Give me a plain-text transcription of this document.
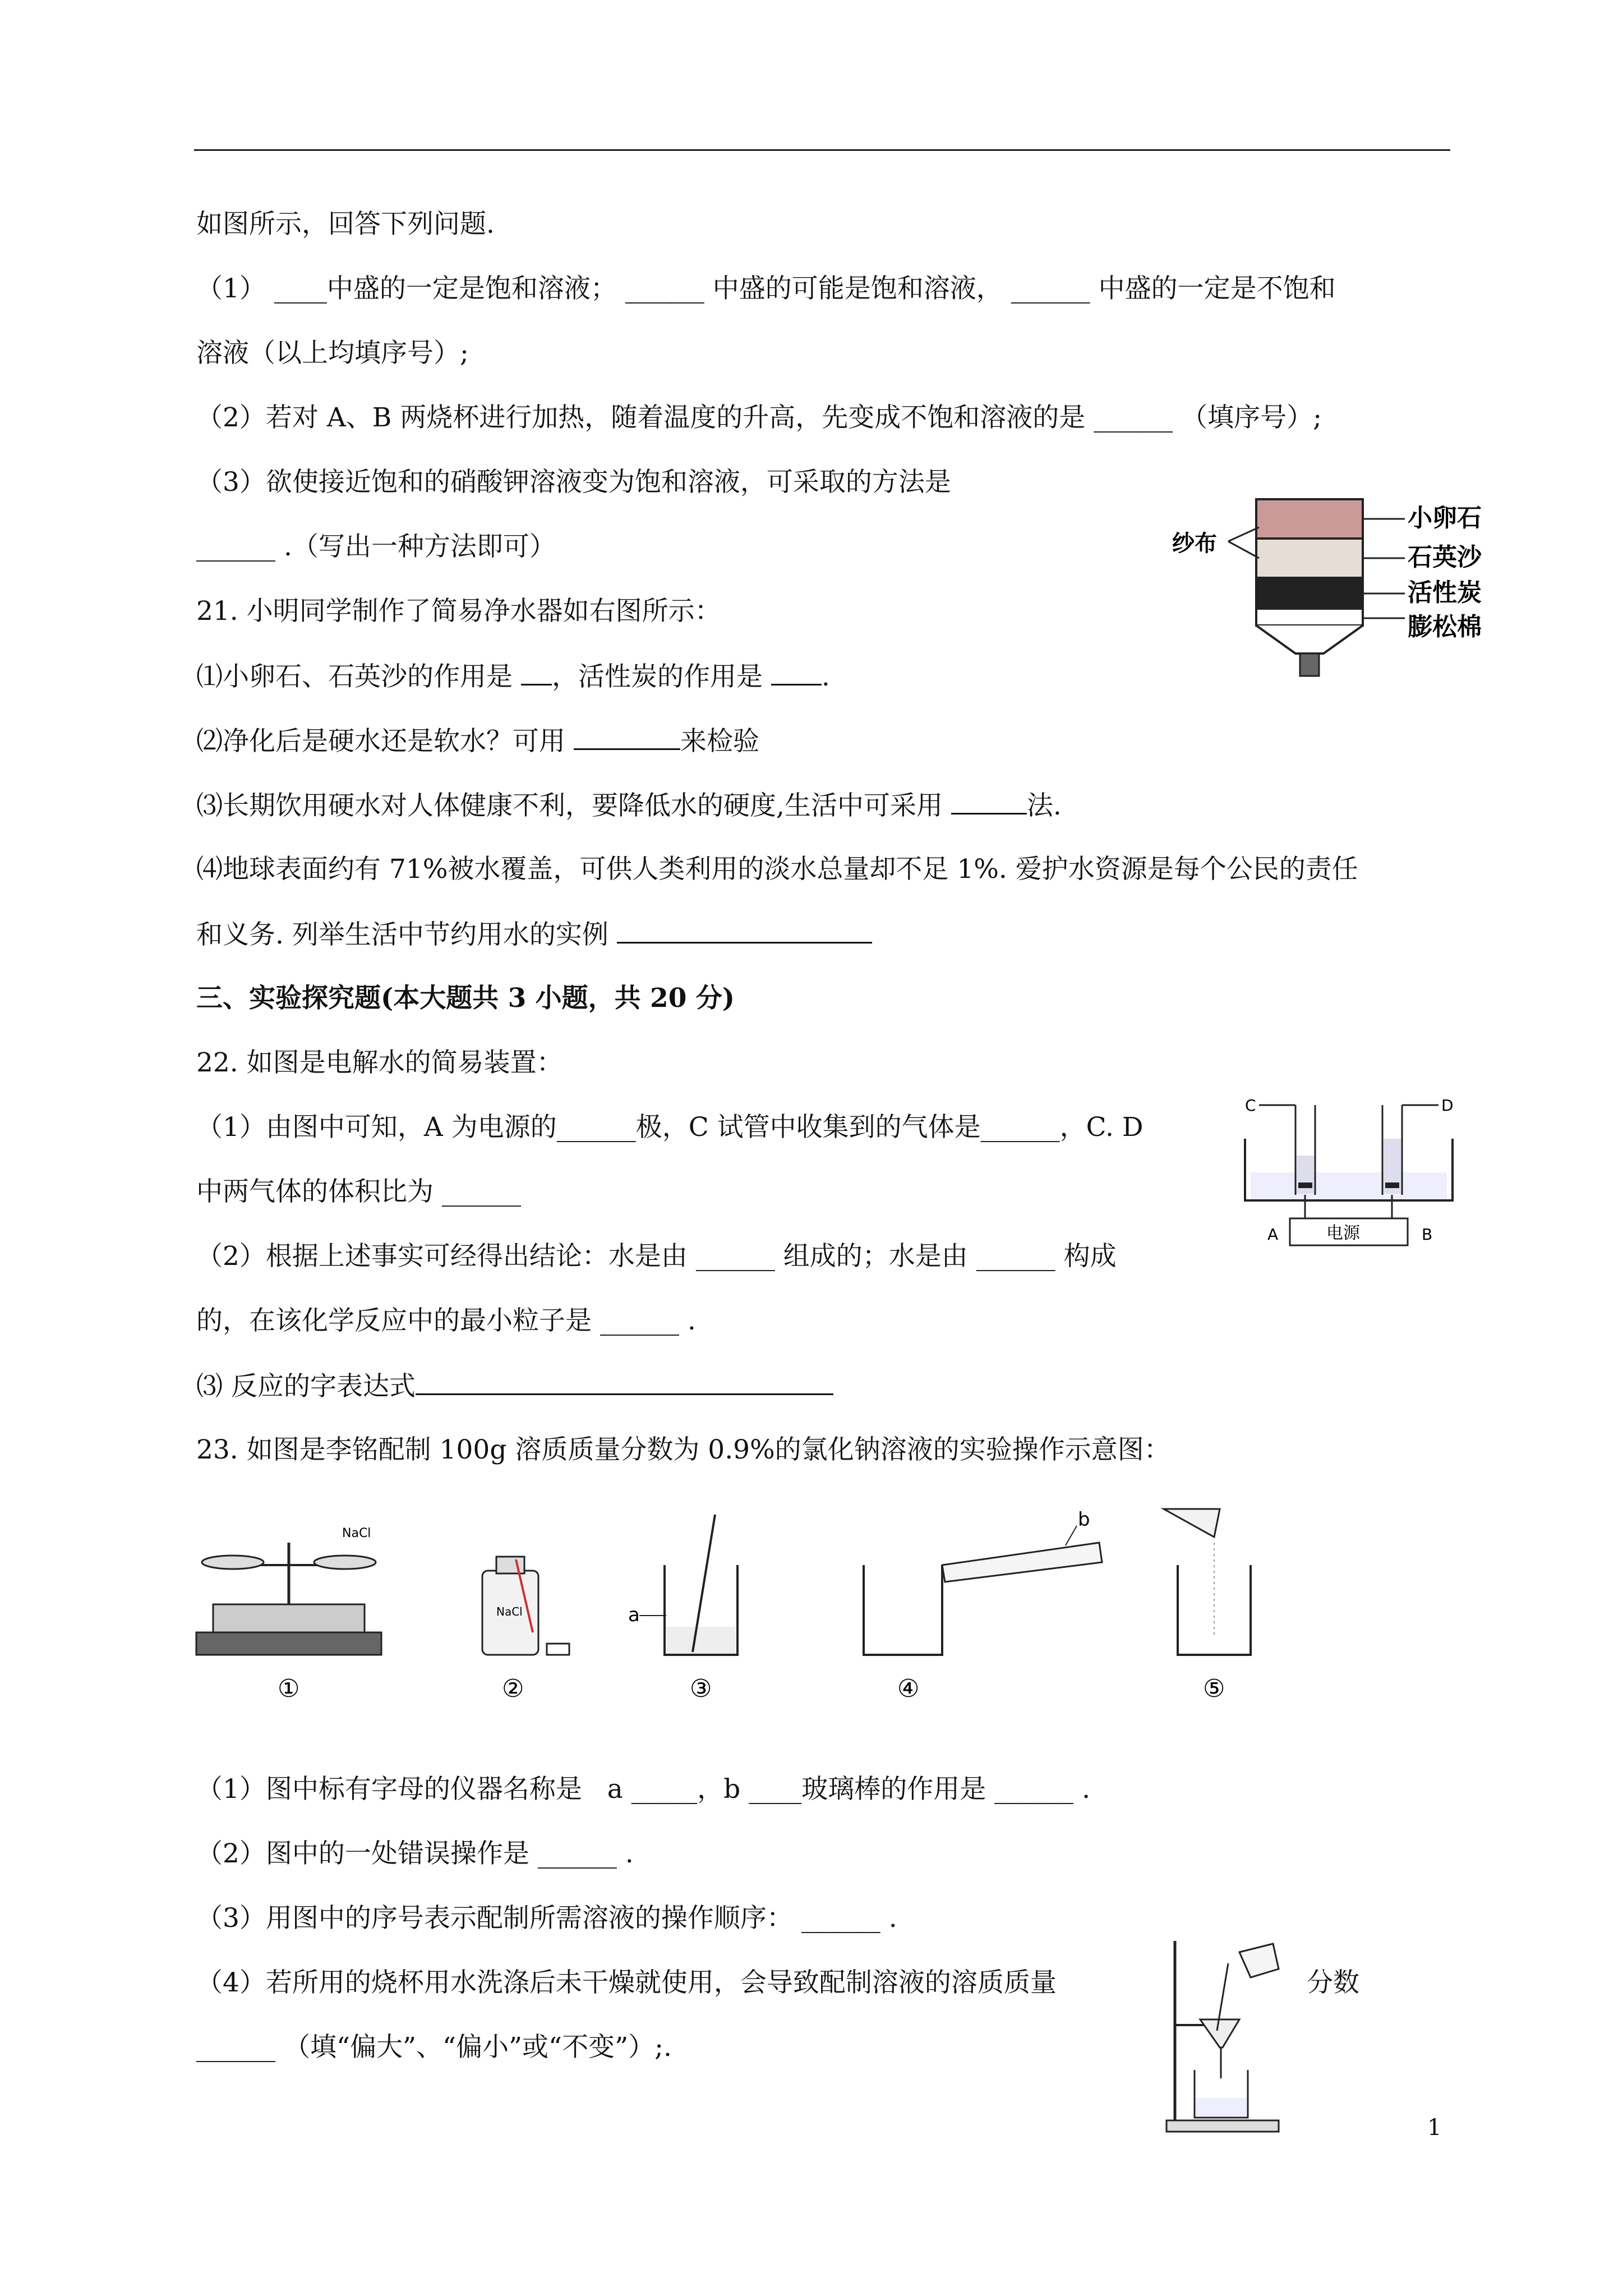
如图所示，回答下列问题.
（1） ____中盛的一定是饱和溶液； ______ 中盛的可能是饱和溶液， ______ 中盛的一定是不饱和
溶液（以上均填序号）;
（2）若对 A、B 两烧杯进行加热，随着温度的升高，先变成不饱和溶液的是 ______ （填序号）;
（3）欲使接近饱和的硝酸钾溶液变为饱和溶液，可采取的方法是
______ .（写出一种方法即可）
21. 小明同学制作了简易净水器如右图所示：
⑴小卵石、石英沙的作用是 ，活性炭的作用是 .
⑵净化后是硬水还是软水？可用	来检验
⑶长期饮用硬水对人体健康不利，要降低水的硬度,生活中可采用	法.
⑷地球表面约有 71%被水覆盖，可供人类利用的淡水总量却不足 1%. 爱护水资源是每个公民的责任
和义务. 列举生活中节约用水的实例
三、实验探究题(本大题共 3 小题，共 20 分)
22. 如图是电解水的简易装置：
（1）由图中可知，A 为电源的______极，C 试管中收集到的气体是______，C. D
中两气体的体积比为 ______
（2）根据上述事实可经得出结论：水是由 ______ 组成的；水是由 ______ 构成
的，在该化学反应中的最小粒子是 ______ .
⑶ 反应的字表达式
23. 如图是李铭配制 100g 溶质质量分数为 0.9%的氯化钠溶液的实验操作示意图：
（1）图中标有字母的仪器名称是   a _____，b ____玻璃棒的作用是 ______ .
（2）图中的一处错误操作是 ______ .
（3）用图中的序号表示配制所需溶液的操作顺序： ______ .
（4）若所用的烧杯用水洗涤后未干燥就使用，会导致配制溶液的溶质质量	分数
______ （填“偏大”、“偏小”或“不变”）;.
小卵石
石英沙
活性炭
膨松棉
纱布
C	D
电源
A	B
NaCl
NaCl	a
b
①	②	③	④	⑤
1
